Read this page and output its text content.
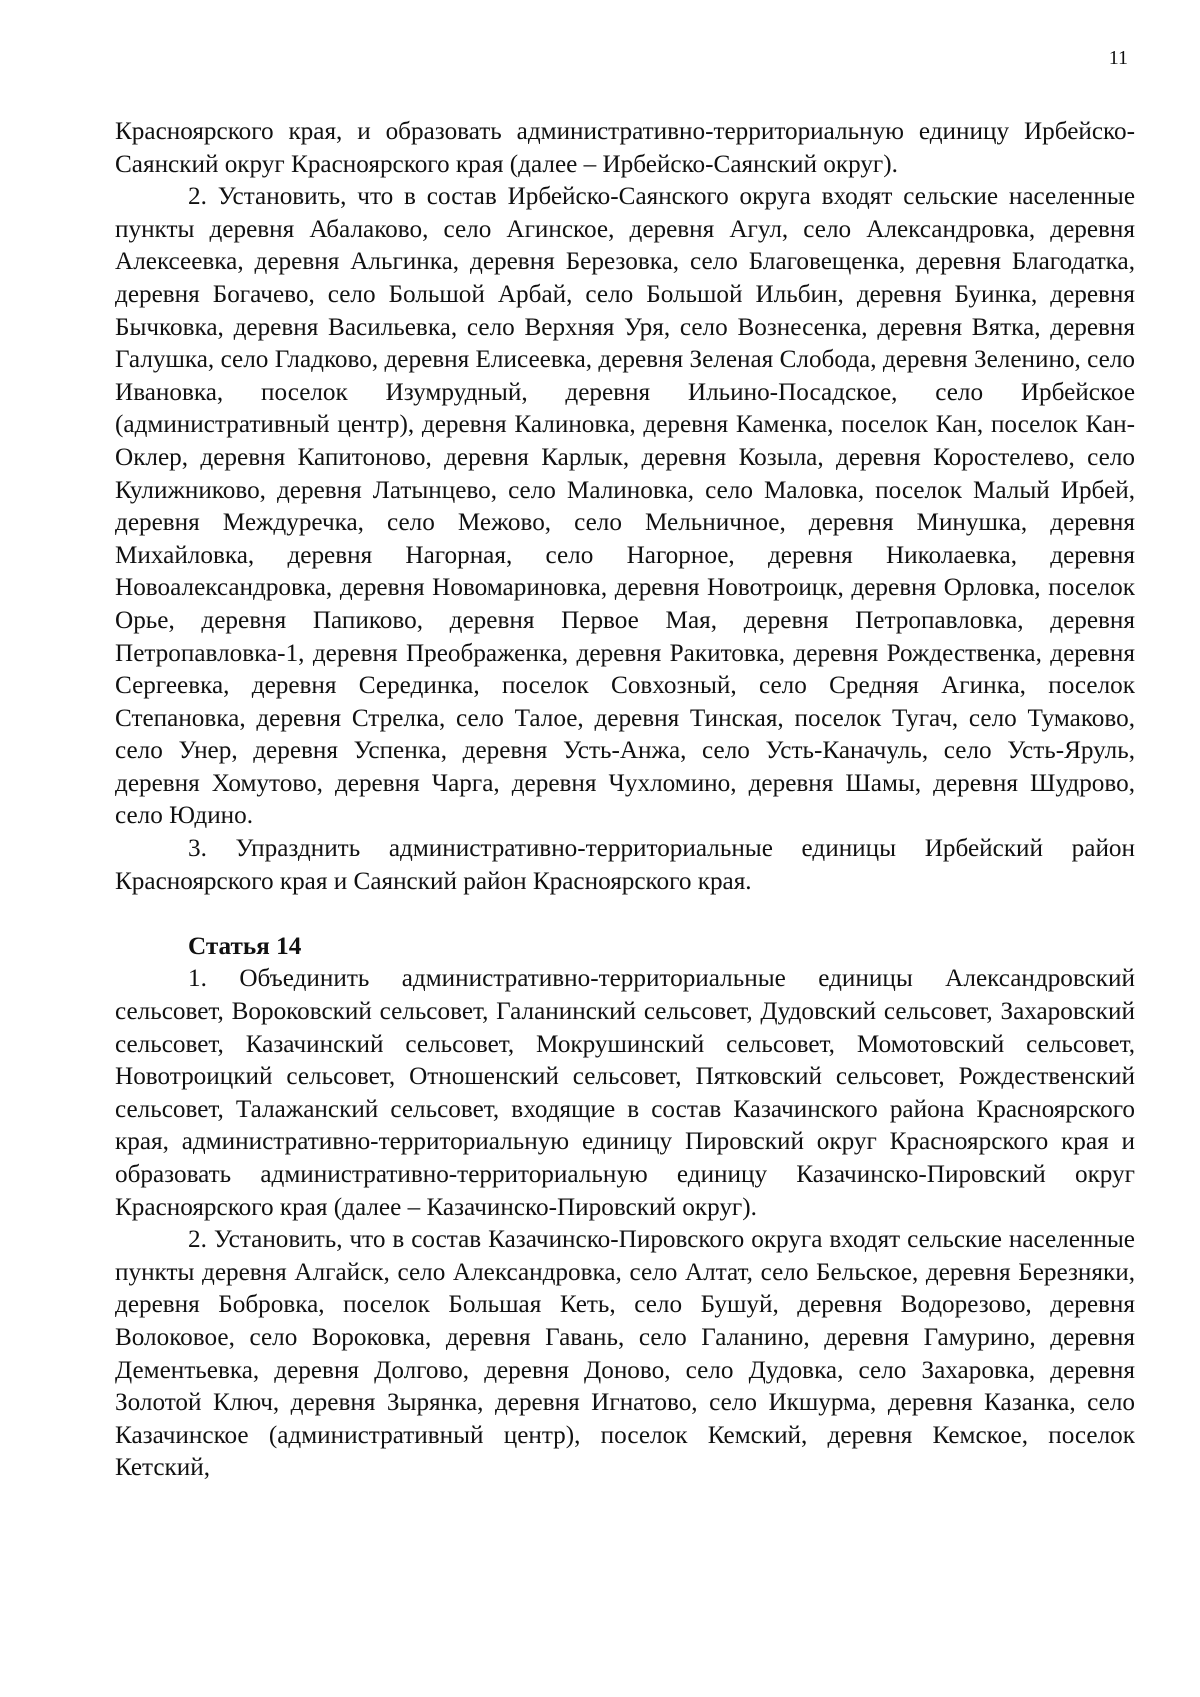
11

Красноярского края, и образовать административно-территориальную единицу Ирбейско-Саянский округ Красноярского края (далее – Ирбейско-Саянский округ).

2. Установить, что в состав Ирбейско-Саянского округа входят сельские населенные пункты деревня Абалаково, село Агинское, деревня Агул, село Александровка, деревня Алексеевка, деревня Альгинка, деревня Березовка, село Благовещенка, деревня Благодатка, деревня Богачево, село Большой Арбай, село Большой Ильбин, деревня Буинка, деревня Бычковка, деревня Васильевка, село Верхняя Уря, село Вознесенка, деревня Вятка, деревня Галушка, село Гладково, деревня Елисеевка, деревня Зеленая Слобода, деревня Зеленино, село Ивановка, поселок Изумрудный, деревня Ильино-Посадское, село Ирбейское (административный центр), деревня Калиновка, деревня Каменка, поселок Кан, поселок Кан-Оклер, деревня Капитоново, деревня Карлык, деревня Козыла, деревня Коростелево, село Кулижниково, деревня Латынцево, село Малиновка, село Маловка, поселок Малый Ирбей, деревня Междуречка, село Межово, село Мельничное, деревня Минушка, деревня Михайловка, деревня Нагорная, село Нагорное, деревня Николаевка, деревня Новоалександровка, деревня Новомариновка, деревня Новотроицк, деревня Орловка, поселок Орье, деревня Папиково, деревня Первое Мая, деревня Петропавловка, деревня Петропавловка-1, деревня Преображенка, деревня Ракитовка, деревня Рождественка, деревня Сергеевка, деревня Серединка, поселок Совхозный, село Средняя Агинка, поселок Степановка, деревня Стрелка, село Талое, деревня Тинская, поселок Тугач, село Тумаково, село Унер, деревня Успенка, деревня Усть-Анжа, село Усть-Каначуль, село Усть-Яруль, деревня Хомутово, деревня Чарга, деревня Чухломино, деревня Шамы, деревня Шудрово, село Юдино.

3. Упразднить административно-территориальные единицы Ирбейский район Красноярского края и Саянский район Красноярского края.

Статья 14

1. Объединить административно-территориальные единицы Александровский сельсовет, Вороковский сельсовет, Галанинский сельсовет, Дудовский сельсовет, Захаровский сельсовет, Казачинский сельсовет, Мокрушинский сельсовет, Момотовский сельсовет, Новотроицкий сельсовет, Отношенский сельсовет, Пятковский сельсовет, Рождественский сельсовет, Талажанский сельсовет, входящие в состав Казачинского района Красноярского края, административно-территориальную единицу Пировский округ Красноярского края и образовать административно-территориальную единицу Казачинско-Пировский округ Красноярского края (далее – Казачинско-Пировский округ).

2. Установить, что в состав Казачинско-Пировского округа входят сельские населенные пункты деревня Алгайск, село Александровка, село Алтат, село Бельское, деревня Березняки, деревня Бобровка, поселок Большая Кеть, село Бушуй, деревня Водорезово, деревня Волоковое, село Вороковка, деревня Гавань, село Галанино, деревня Гамурино, деревня Дементьевка, деревня Долгово, деревня Доново, село Дудовка, село Захаровка, деревня Золотой Ключ, деревня Зырянка, деревня Игнатово, село Икшурма, деревня Казанка, село Казачинское (административный центр), поселок Кемский, деревня Кемское, поселок Кетский,
